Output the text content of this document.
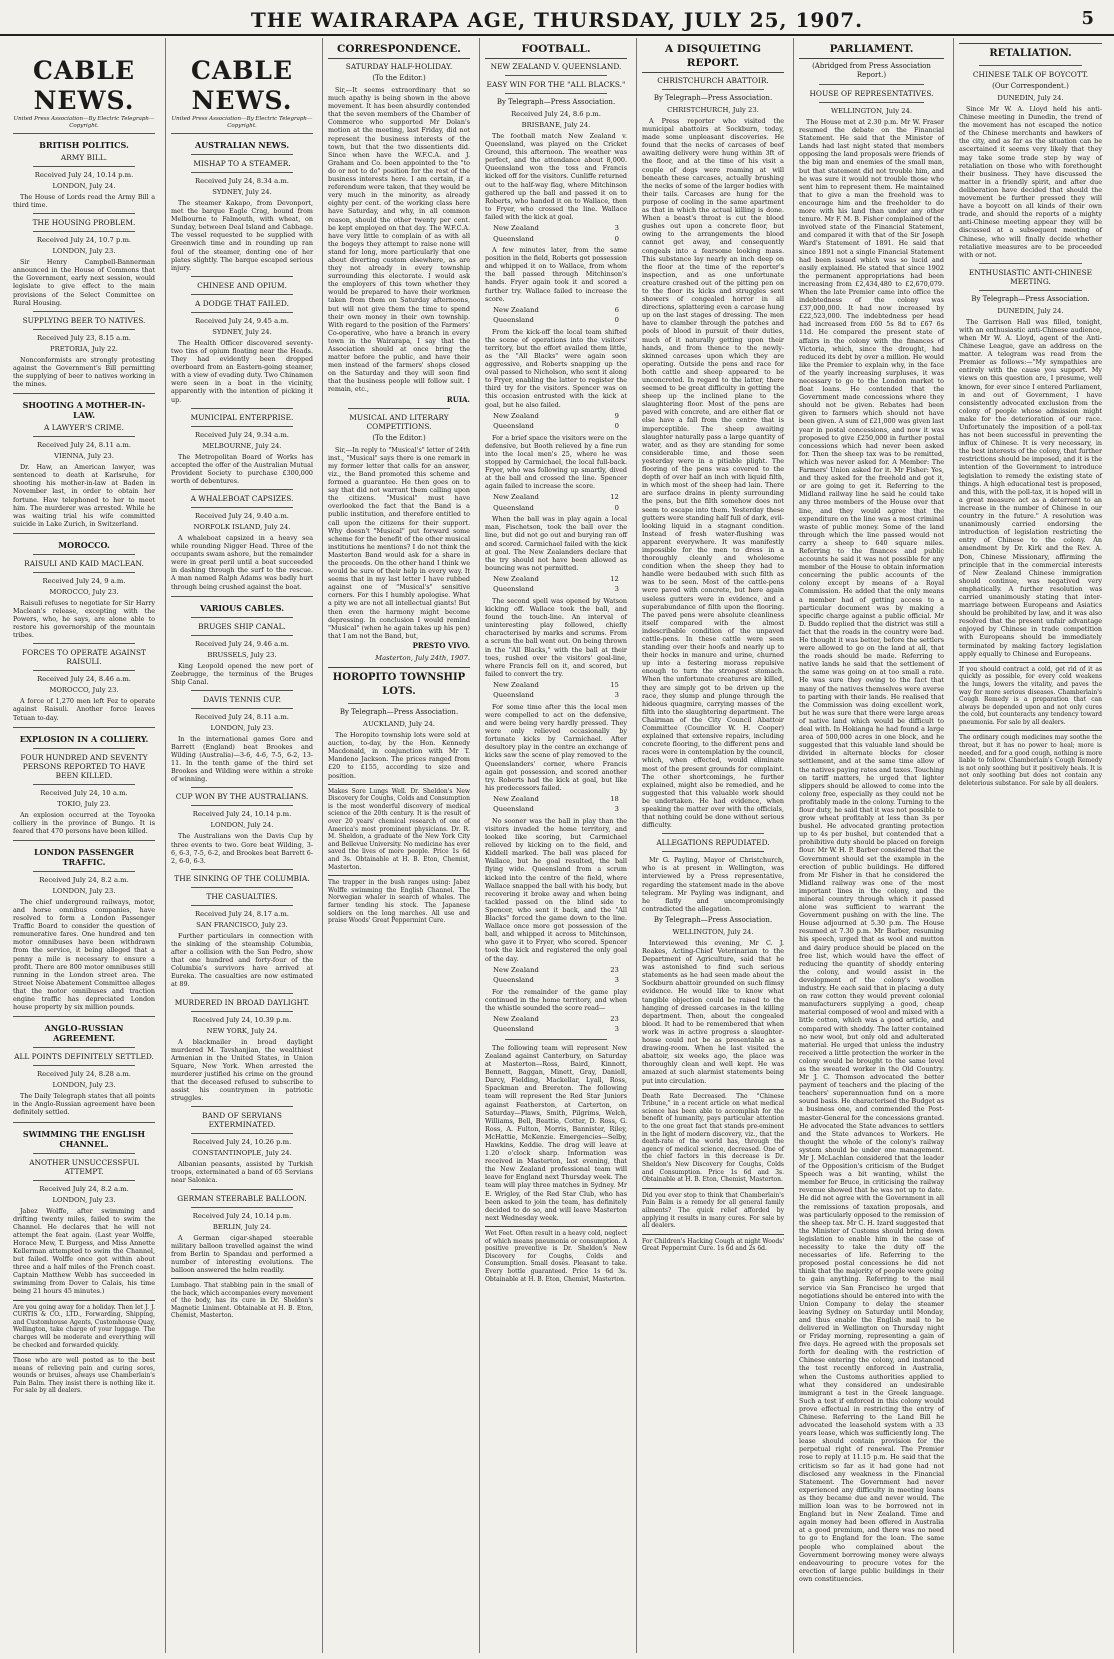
THE WAIRARAPA AGE, THURSDAY, JULY 25, 1907.	5
CABLE NEWS.
United Press Association—By Electric Telegraph—Copyright.
BRITISH POLITICS.
ARMY BILL.
Received July 24, 10.14 p.m.
LONDON, July 24.

The House of Lords read the Army Bill a third time.

THE HOUSING PROBLEM.
Received July 24, 10.7 p.m.
LONDON, July 23.

Sir Henry Campbell-Bannerman announced in the House of Commons that the Government, early next session, would legislate to give effect to the main provisions of the Select Committee on Rural Housing.

SUPPLYING BEER TO NATIVES.
Received July 23, 8.15 a.m.
PRETORIA, July 22.

Nonconformists are strongly protesting against the Government's Bill permitting the supplying of beer to natives working in the mines.

SHOOTING A MOTHER-IN-LAW.
A LAWYER'S CRIME.
Received July 24, 8.11 a.m.
VIENNA, July 23.

Dr. Haw, an American lawyer, was sentenced to death at Karlsruhe, for shooting his mother-in-law at Baden in November last, in order to obtain her fortune. Haw telephoned to her to meet him. The murderer was arrested. While he was waiting trial his wife committed suicide in Lake Zurich, in Switzerland.

MOROCCO.
RAISULI AND KAID MACLEAN.
Received July 24, 9 a.m.
MOROCCO, July 23.

Raisuli refuses to negotiate for Sir Harry Maclean's release, excepting with the Powers, who, he says, are alone able to restore his governorship of the mountain tribes.

FORCES TO OPERATE AGAINST RAISULI.
Received July 24, 8.46 a.m.
MOROCCO, July 23.

A force of 1,270 men left Fez to operate against Raisuli. Another force leaves Tetuan to-day.

EXPLOSION IN A COLLIERY.
FOUR HUNDRED AND SEVENTY PERSONS REPORTED TO HAVE BEEN KILLED.
Received July 24, 10 a.m.
TOKIO, July 23.

An explosion occurred at the Toyooka colliery in the province of Bungo. It is feared that 470 persons have been killed.

LONDON PASSENGER TRAFFIC.
Received July 24, 8.2 a.m.
LONDON, July 23.

The chief underground railways, motor, and horse omnibus companies, have resolved to form a London Passenger Traffic Board to consider the question of remunerative fares. One hundred and ten motor omnibuses have been withdrawn from the service, it being alleged that a penny a mile is necessary to ensure a profit. There are 800 motor omnibuses still running in the London street area. The Street Noise Abatement Committee alleges that the motor omnibuses and traction engine traffic has depreciated London house property by six million pounds.

ANGLO-RUSSIAN AGREEMENT.
ALL POINTS DEFINITELY SETTLED.
Received July 24, 8.28 a.m.
LONDON, July 23.

The Daily Telegraph states that all points in the Anglo-Russian agreement have been definitely settled.

SWIMMING THE ENGLISH CHANNEL.
ANOTHER UNSUCCESSFUL ATTEMPT.
Received July 24, 8.2 a.m.
LONDON, July 23.

Jabez Wolffe, after swimming and drifting twenty miles, failed to swim the Channel. He declares that he will not attempt the feat again. (Last year Wolffe, Horace Mew, T. Burgess, and Miss Annette Kellerman attempted to swim the Channel, but failed. Wolffe once got within about three and a half miles of the French coast. Captain Matthew Webb has succeeded in swimming from Dover to Calais, his time being 21 hours 45 minutes.)

Are you going away for a holiday. Then let J. J. CURTIS & CO., LTD., Forwarding, Shipping, and Customhouse Agents, Customhouse Quay, Wellington, take charge of your luggage. The charges will be moderate and everything will be checked and forwarded quickly.
Those who are well posted as to the best means of relieving pain and curing sores, wounds or bruises, always use Chamberlain's Pain Balm. They insist there is nothing like it. For sale by all dealers.
CABLE NEWS.
United Press Association—By Electric Telegraph—Copyright.
AUSTRALIAN NEWS.
MISHAP TO A STEAMER.
Received July 24, 8.34 a.m.
SYDNEY, July 24.

The steamer Kakapo, from Devonport, met the barque Eagle Crag, bound from Melbourne to Falmouth, with wheat, on Sunday, between Deal Island and Cabbage. The vessel requested to be supplied with Greenwich time and in rounding up ran foul of the steamer, denting one of her plates slightly. The barque escaped serious injury.

CHINESE AND OPIUM.
A DODGE THAT FAILED.
Received July 24, 9.45 a.m.
SYDNEY, July 24.

The Health Officer discovered seventy-two tins of opium floating near the Heads. They had evidently been dropped overboard from an Eastern-going steamer, with a view of evading duty. Two Chinamen were seen in a boat in the vicinity, apparently with the intention of picking it up.

MUNICIPAL ENTERPRISE.
Received July 24, 9.34 a.m.
MELBOURNE, July 24.

The Metropolitan Board of Works has accepted the offer of the Australian Mutual Provident Society to purchase £300,000 worth of debentures.

A WHALEBOAT CAPSIZES.
Received July 24, 9.40 a.m.
NORFOLK ISLAND, July 24.

A whaleboat capsized in a heavy sea while rounding Nigger Head. Three of the occupants swam ashore, but the remainder were in great peril until a boat succeeded in dashing through the surf to the rescue. A man named Ralph Adams was badly hurt through being crushed against the boat.

VARIOUS CABLES.
BRUGES SHIP CANAL.
Received July 24, 9.46 a.m.
BRUSSELS, July 23.

King Leopold opened the new port of Zeebrugge, the terminus of the Bruges Ship Canal.

DAVIS TENNIS CUP.
Received July 24, 8.11 a.m.
LONDON, July 23.

In the international games Gore and Barrett (England) beat Brookes and Wilding (Australia)—3-6, 4-6, 7-5, 6-2, 13-11. In the tenth game of the third set Brookes and Wilding were within a stroke of winning.

CUP WON BY THE AUSTRALIANS.
Received July 24, 10.14 p.m.
LONDON, July 24.

The Australians won the Davis Cup by three events to two. Gore beat Wilding, 3-6, 6-3, 7-5, 6-2, and Brookes beat Barrett 6-2, 6-0, 6-3.

THE SINKING OF THE COLUMBIA.
THE CASUALTIES.
Received July 24, 8.17 a.m.
SAN FRANCISCO, July 23.

Further particulars in connection with the sinking of the steamship Columbia, after a collision with the San Pedro, show that one hundred and forty-four of the Columbia's survivors have arrived at Eureka. The casualties are now estimated at 89.

MURDERED IN BROAD DAYLIGHT.
Received July 24, 10.39 p.m.
NEW YORK, July 24.

A blackmailer in broad daylight murdered M. Tavshanjian, the wealthiest Armenian in the United States, in Union Square, New York. When arrested the murderer justified his crime on the ground that the deceased refused to subscribe to assist his countrymen in patriotic struggles.

BAND OF SERVIANS EXTERMINATED.
Received July 24, 10.26 p.m.
CONSTANTINOPLE, July 24.

Albanian peasants, assisted by Turkish troops, exterminated a band of 65 Servians near Salonica.

GERMAN STEERABLE BALLOON.
Received July 24, 10.14 p.m.
BERLIN, July 24.

A German cigar-shaped steerable military balloon travelled against the wind from Berlin to Spandau and performed a number of interesting evolutions. The balloon answered the helm readily.

Lumbago. That stabbing pain in the small of the back, which accompanies every movement of the body, has its cure in Dr. Sheldon's Magnetic Liniment. Obtainable at H. B. Eton, Chemist, Masterton.
CORRESPONDENCE.
SATURDAY HALF-HOLIDAY.
(To the Editor.)

Sir,—It seems extraordinary that so much apathy is being shown in the above movement. It has been absurdly contended that the seven members of the Chamber of Commerce who supported Mr Dolan's motion at the meeting, last Friday, did not represent the business interests of the town, but that the two dissentients did. Since when have the W.F.C.A. and J. Graham and Co. been appointed to the "to do or not to do" position for the rest of the business interests here. I am certain, if a referendum were taken, that they would be very much in the minority, as already eighty per cent. of the working class here have Saturday, and why, in all common reason, should the other twenty per cent. be kept employed on that day. The W.F.C.A. have very little to complain of as with all the bogeys they attempt to raise none will stand for long, more particularly that one about diverting custom elsewhere, as are they not already in every township surrounding this electorate. I would ask the employers of this town whether they would be prepared to have their workmen taken from them on Saturday afternoons, but will not give them the time to spend their own money in their own township. With regard to the position of the Farmers' Co-operative, who have a branch in every town in the Wairarapa, I say that the Association should at once bring the matter before the public, and have their men instead of the farmers' shops closed on the Saturday and they will soon find that the business people will follow suit. I remain, etc.,

RUIA.
MUSICAL AND LITERARY COMPETITIONS.
(To the Editor.)

Sir,—In reply to "Musical's" letter of 24th inst., "Musical" says there is one remark in my former letter that calls for an answer, viz., the Band promoted this scheme and formed a guarantee. He then goes on to say that did not warrant them calling upon the citizens. "Musical" must have overlooked the fact that the Band is a public institution, and therefore entitled to call upon the citizens for their support. Why doesn't "Musical" put forward some scheme for the benefit of the other musical institutions he mentions? I do not think the Masterton Band would ask for a share in the proceeds. On the other hand I think we would be sure of their help in every way. It seems that in my last letter I have rubbed against one of "Musical's" sensitive corners. For this I humbly apologise. What a pity we are not all intellectual giants! But then even the harmony might become depressing. In conclusion I would remind "Musical" (when he again takes up his pen) that I am not the Band, but,

PRESTO VIVO.
Masterton, July 24th, 1907.
HOROPITO TOWNSHIP LOTS.
By Telegraph—Press Association.
AUCKLAND, July 24.

The Horopito township lots were sold at auction, to-day, by the Hon. Kennedy Macdonald, in conjunction with Mr T. Mandeno Jackson. The prices ranged from £20 to £155, according to size and position.

Makes Sore Lungs Well. Dr. Sheldon's New Discovery for Coughs, Colds and Consumption is the most wonderful discovery of medical science of the 20th century. It is the result of over 20 years' chemical research of one of America's most prominent physicians. Dr. R. M. Sheldon, a graduate of the New York City and Bellevue University. No medicine has ever saved the lives of more people. Price 1s 6d and 3s. Obtainable at H. B. Eton, Chemist, Masterton.
The trapper in the bush ranges using: Jabez Wolffe swimming the English Channel. The Norwegian whaler in search of whales. The farmer tending his stock. The Japanese soldiers on the long marches. All use and praise Woods' Great Peppermint Cure.
FOOTBALL.
NEW ZEALAND V. QUEENSLAND.
EASY WIN FOR THE "ALL BLACKS."
By Telegraph—Press Association.
Received July 24, 8.6 p.m.
BRISBANE, July 24.

The football match New Zealand v. Queensland, was played on the Cricket Ground, this afternoon. The weather was perfect, and the attendance about 8,000. Queensland won the toss and Francis kicked off for the visitors. Cunliffe returned out to the half-way flag, where Mitchinson gathered up the ball and passed it on to Roberts, who handed it on to Wallace, then to Fryer, who crossed the line. Wallace failed with the kick at goal.

New Zealand	3
Queensland	0

A few minutes later, from the same position in the field, Roberts got possession and whipped it on to Wallace, from whom the ball passed through Mitchinson's hands. Fryer again took it and scored a further try. Wallace failed to increase the score.

New Zealand	6
Queensland	0

From the kick-off the local team shifted the scene of operations into the visitors' territory, but the effort availed them little, as the "All Blacks" were again soon aggressive, and Roberts snapping up the oval passed to Nicholson, who sent it along to Fryer, enabling the latter to register the third try for the visitors. Spencer was on this occasion entrusted with the kick at goal, but he also failed.

New Zealand	9
Queensland	0

For a brief space the visitors were on the defensive, but Booth relieved by a fine run into the local men's 25, where he was stopped by Carmichael, the local full-back. Fryer, who was following up smartly, dived at the ball and crossed the line. Spencer again failed to increase the score.

New Zealand	12
Queensland	0

When the ball was in play again a local man, Fischetson, took the ball over the line, but did not go out and burying ran off and scored. Carmichael failed with the kick at goal. The New Zealanders declare that the try should not have been allowed as bouncing was not permitted.

New Zealand	12
Queensland	3

The second spell was opened by Watson kicking off. Wallace took the ball, and found the touch-line. An interval of uninteresting play followed, chiefly characterised by marks and scrums. From a scrum the ball went out. On being thrown in the "All Blacks," with the ball at their toes, rushed over the visitors' goal-line, where Francis fell on it, and scored, but failed to convert the try.

New Zealand	15
Queensland	3

For some time after this the local men were compelled to act on the defensive, and were being very hardly pressed. They were only relieved occasionally by fortunate kicks by Carmichael. After desultory play in the centre an exchange of kicks saw the scene of play removed to the Queenslanders' corner, where Francis again got possession, and scored another try. Roberts had the kick at goal, but like his predecessors failed.

New Zealand	18
Queensland	3

No sooner was the ball in play than the visitors invaded the home territory, and looked like scoring, but Carmichael relieved by kicking on to the field, and Kiddell marked. The ball was placed for Wallace, but he goal resulted, the ball flying wide. Queensland from a scrum kicked into the centre of the field, where Wallace snapped the ball with his body, but recovering it broke away and when being tackled passed on the blind side to Spencer, who sent it back, and the "All Blacks" forced the game down to the line. Wallace once more got possession of the ball, and whipped it across to Mitchinson, who gave it to Fryer, who scored. Spencer took the kick and registered the only goal of the day.

New Zealand	23
Queensland	3

For the remainder of the game play continued in the home territory, and when the whistle sounded the score read—

New Zealand	23
Queensland	3

The following team will represent New Zealand against Canterbury, on Saturday at Masterton—Ross, Baird, Kinnott, Bennett, Baggan, Minett, Gray, Daniell, Darcy, Fielding, Mackellar, Lyall, Ross, Spackman and Brereton. The following team will represent the Red Star Juniors against Featherston, at Carterton, on Saturday—Plaws, Smith, Pilgrims, Welch, Williams, Bell, Beattie, Cotter, D. Ross, G. Ross, A. Fulton, Morris, Bannister, Riley, McHattie, McKenzie. Emergencies—Selby, Hawkins, Keddie. The drag will leave at 1.20 o'clock sharp. Information was received in Masterton, last evening, that the New Zealand professional team will leave for England next Thursday week. The team will play three matches in Sydney. Mr E. Wrigley, of the Red Star Club, who has been asked to join the team, has definitely decided to do so, and will leave Masterton next Wednesday week.

Wet Feet. Often result in a heavy cold, neglect of which means pneumonia or consumption. A positive preventive is Dr. Sheldon's New Discovery for Coughs, Colds and Consumption. Small doses. Pleasant to take. Every bottle guaranteed. Price 1s 6d 3s. Obtainable at H. B. Eton, Chemist, Masterton.
A DISQUIETING REPORT.
CHRISTCHURCH ABATTOIR.
By Telegraph—Press Association.
CHRISTCHURCH, July 23.

A Press reporter who visited the municipal abattoirs at Sockburn, today, made some unpleasant discoveries. He found that the necks of carcases of beef awaiting delivery were hung within 3ft of the floor, and at the time of his visit a couple of dogs were roaming at will beneath these carcases, actually brushing the necks of some of the larger bodies with their tails. Carcases are hung for the purpose of cooling in the same apartment as that in which the actual killing is done. When a beast's throat is cut the blood gushes out upon a concrete floor, but owing to the arrangements the blood cannot get away, and consequently congeals into a fearsome looking mass. This substance lay nearly an inch deep on the floor at the time of the reporter's inspection, and as one unfortunate creature crashed out of the pitting pen on to the floor its kicks and struggles sent showers of congealed horror in all directions, splattering even a carcase hung up on the last stages of dressing. The men have to clamber through the patches and pools of blood in pursuit of their duties, much of it naturally getting upon their hands, and from thence to the newly-skinned carcases upon which they are operating. Outside the pens and race for both cattle and sheep appeared to be unconcreted. In regard to the latter, there seemed to be great difficulty in getting the sheep up the inclined plane to the slaughtering floor. Most of the pens are paved with concrete, and are either flat or else have a fall from the centre that is imperceptible. The sheep awaiting slaughter naturally pass a large quantity of water, and as they are standing for some considerable time, and those seen yesterday were in a pitiable plight. The flooring of the pens was covered to the depth of over half an inch with liquid filth, in which most of the sheep had lain. There are surface drains in plenty surrounding the pens, but the filth somehow does not seem to escape into them. Yesterday these gutters were standing half full of dark, evil-looking liquid in a stagnant condition. Instead of fresh water-flushing was apparent everywhere. It was manifestly impossible for the men to dress in a thoroughly cleanly and wholesome condition when the sheep they had to handle were bedaubed with such filth as was to be seen. Most of the cattle-pens were paved with concrete, but here again useless gutters were in evidence, and a superabundance of filth upon the flooring. The paved pens were absolute cleanliness itself compared with the almost indescribable condition of the unpaved cattle-pens. In these cattle were seen standing over their hoofs and nearly up to their hocks in manure and urine, churned up into a festering morass repulsive enough to turn the strongest stomach. When the unfortunate creatures are killed, they are simply got to be driven up the race, they slump and plunge through the hideous quagmire, carrying masses of the filth into the slaughtering department. The Chairman of the City Council Abattoir Committee (Councillor W. H. Cooper) explained that extensive repairs, including concrete flooring, to the different pens and races were in contemplation by the council, which, when effected, would eliminate most of the present grounds for complaint. The other shortcomings, he further explained, might also be remedied, and he suggested that this valuable work should be undertaken. He had evidence, when speaking the matter over with the officials, that nothing could be done without serious difficulty.

ALLEGATIONS REPUDIATED.

Mr G. Payling, Mayor of Christchurch, who is at present in Wellington, was interviewed by a Press representative, regarding the statement made in the above telegram. Mr Payling was indignant, and he flatly and uncompromisingly contradicted the allegation.

By Telegraph—Press Association.
WELLINGTON, July 24.

Interviewed this evening, Mr C. J. Reakes, Acting-Chief Veterinarian to the Department of Agriculture, said that he was astonished to find such serious statements as he had seen made about the Sockburn abattoir grounded on such flimsy evidence. He would like to know what tangible objection could be raised to the hanging of dressed carcases in the killing department. Then, about the congealed blood. It had to be remembered that when work was in active progress a slaughter-house could not be as presentable as a drawing-room. When he last visited the abattoir, six weeks ago, the place was thoroughly clean and well kept. He was amazed at such alarmist statements being put into circulation.

Death Rate Decreased. The "Chinese Tribune," in a recent article on what medical science has been able to accomplish for the benefit of humanity, pays particular attention to the one great fact that stands pre-eminent in the light of modern discovery, viz., that the death-rate of the world has, through the agency of medical science, decreased. One of the chief factors in this decrease is Dr. Sheldon's New Discovery for Coughs, Colds and Consumption. Price 1s 6d and 3s. Obtainable at H. B. Eton, Chemist, Masterton.
Did you ever stop to think that Chamberlain's Pain Balm is a remedy for all general family ailments? The quick relief afforded by applying it results in many cures. For sale by all dealers.
For Children's Hacking Cough at night Woods' Great Peppermint Cure. 1s 6d and 2s 6d.
PARLIAMENT.
(Abridged from Press Association Report.)
HOUSE OF REPRESENTATIVES.
WELLINGTON, July 24.

The House met at 2.30 p.m. Mr W. Fraser resumed the debate on the Financial Statement. He said that the Minister of Lands had last night stated that members opposing the land proposals were friends of the big man and enemies of the small man, but that statement did not trouble him, and he was sure it would not trouble those who sent him to represent them. He maintained that to give a man the freehold was to encourage him and the freeholder to do more with his land than under any other tenure. Mr F. M. B. Fisher complained of the involved state of the Financial Statement, and compared it with that of the Sir Joseph Ward's Statement of 1891. He said that since 1891 not a single Financial Statement had been issued which was so lucid and easily explained. He stated that since 1902 the permanent appropriations had been increasing from £2,434,480 to £2,670,079. When the late Premier came into office the indebtedness of the colony was £37,000,000. It had now increased by £22,523,000. The indebtedness per head had increased from £60 5s 8d to £67 6s 11d. He compared the present state of affairs in the colony with the finances of Victoria, which, since the drought, had reduced its debt by over a million. He would like the Premier to explain why, in the face of the yearly increasing surpluses, it was necessary to go to the London market to float loans. He contended that the Government made concessions where they should not be given. Rebates had been given to farmers which should not have been given. A sum of £21,000 was given last year in postal concessions, and now it was proposed to give £250,000 in further postal concessions which had never been asked for. Then the sheep tax was to be remitted, which was never asked for. A Member: The Farmers' Union asked for it. Mr Fisher: Yes, and they asked for the freehold and got it, or are going to get it. Referring to the Midland railway line he said he could take any three members of the House over that line, and they would agree that the expenditure on the line was a most criminal waste of public money. Some of the land through which the line passed would not carry a sheep to 640 square miles. Referring to the finances and public accounts he said it was not possible for any member of the House to obtain information concerning the public accounts of the colony except by means of a Royal Commission. He added that the only means a member had of getting access to a particular document was by making a specific charge against a public official. Mr D. Buddo replied that the district was still a fact that the roads in the country were bad. He thought it was better, before the settlers were allowed to go on the land at all, that the roads should be made. Referring to native lands he said that the settlement of the same was going on at too small a rate. He was sure they owing to the fact that many of the natives themselves were averse to parting with their lands. He realised that the Commission was doing excellent work, but he was sure that there were large areas of native land which would be difficult to deal with. In Hokianga he had found a large area of 500,000 acres in one block, and he suggested that this valuable land should be divided in alternate blocks for closer settlement, and at the same time allow of the natives paying rates and taxes. Touching on tariff matters, he urged that lighter slippers should be allowed to come into the colony free, especially as they could not be profitably made in the colony. Turning to the flour duty, he said that it was not possible to grow wheat profitably at less than 3s per bushel. He advocated granting protection up to 4s per bushel, but contended that a prohibitive duty should be placed on foreign flour. Mr W. H. P. Barber considered that the Government should set the example in the erection of public buildings. He differed from Mr Fisher in that he considered the Midland railway was one of the most important lines in the colony, and the mineral country through which it passed alone was sufficient to warrant the Government pushing on with the line. The House adjourned at 5.30 p.m. The House resumed at 7.30 p.m. Mr Barber, resuming his speech, urged that as wool and mutton and dairy produce should be placed on the free list, which would have the effect of reducing the quantity of shoddy entering the colony, and would assist in the development of the colony's woollen industry. He each said that in placing a duty on raw cotton they would prevent colonial manufacturers supplying a good, cheap material composed of wool and mixed with a little cotton, which was a good article, and compared with shoddy. The latter contained no new wool, but only old and adulterated material. He urged that unless the industry received a little protection the worker in the colony would be brought to the same level as the sweated worker in the Old Country. Mr J. C. Thomson advocated the better payment of teachers and the placing of the teachers' superannuation fund on a more sound basis. He characterised the Budget as a business one, and commended the Post-master-General for the concessions granted. He advocated the State advances to settlers and the State advances to Workers. He thought the whole of the colony's railway system should be under one management. Mr J. McLachlan considered that the leader of the Opposition's criticism of the Budget Speech was a bit wanting, whilst the member for Bruce, in criticising the railway revenue showed that he was not up to date. He did not agree with the Government in all the remissions of taxation proposals, and was particularly opposed to the remission of the sheep tax. Mr C. H. Izard suggested that the Minister of Customs should bring down legislation to enable him in the case of necessity to take the duty off the necessaries of life. Referring to the proposed postal concessions he did not think that the majority of people were going to gain anything. Referring to the mail service via San Francisco he urged that negotiations should be entered into with the Union Company to delay the steamer leaving Sydney on Saturday until Monday, and thus enable the English mail to be delivered in Wellington on Thursday night or Friday morning, representing a gain of five days. He agreed with the proposals set forth for dealing with the restriction of Chinese entering the colony, and instanced the test recently enforced in Australia, when the Customs authorities applied to what they considered an undesirable immigrant a test in the Greek language. Such a test if enforced in this colony would prove effectual in restricting the entry of Chinese. Referring to the Land Bill he advocated the leasehold system with a 33 years lease, which was sufficiently long. The lease should contain provision for the perpetual right of renewal. The Premier rose to reply at 11.15 p.m. He said that the criticism so far as it had gone had not disclosed any weakness in the Financial Statement. The Government had never experienced any difficulty in meeting loans as they became due and never would. The million loan was to be borrowed not in England but in New Zealand. Time and again money had been offered in Australia at a good premium, and there was no need to go to England for the loan. The same people who complained about the Government borrowing money were always endeavouring to procure votes for the erection of large public buildings in their own constituencies.

RETALIATION.
CHINESE TALK OF BOYCOTT.
(Our Correspondent.)
DUNEDIN, July 24.

Since Mr W. A. Lloyd held his anti-Chinese meeting in Dunedin, the trend of the movement has not escaped the notice of the Chinese merchants and hawkers of the city, and as far as the situation can be ascertained it seems very likely that they may take some trade step by way of retaliation on those who with forethought their business. They have discussed the matter in a friendly spirit, and after due deliberation have decided that should the movement be further pressed they will have a boycott on all kinds of their own trade, and should the reports of a mighty anti-Chinese meeting appear they will be discussed at a subsequent meeting of Chinese, who will finally decide whether retaliative measures are to be proceeded with or not.

ENTHUSIASTIC ANTI-CHINESE MEETING.
By Telegraph—Press Association.
DUNEDIN, July 24.

The Garrison Hall was filled, tonight, with an enthusiastic anti-Chinese audience, when Mr W. A. Lloyd, agent of the Anti-Chinese League, gave an address on the matter. A telegram was read from the Premier as follows:—"My sympathies are entirely with the cause you support. My views on this question are, I presume, well known, for ever since I entered Parliament, in and out of Government, I have consistently advocated exclusion from the colony of people whose admission might make for the deterioration of our race. Unfortunately the imposition of a poll-tax has not been successful in preventing the influx of Chinese. It is very necessary, in the best interests of the colony, that further restrictions should be imposed, and it is the intention of the Government to introduce legislation to remedy the existing state of things. A high educational test is proposed, and this, with the poll-tax, it is hoped will in a great measure act as a deterrent to an increase in the number of Chinese in our country in the future." A resolution was unanimously carried endorsing the introduction of legislation restricting the entry of Chinese to the colony. An amendment by Dr. Kirk and the Rev. A. Don, Chinese Missionary, affirming the principle that in the commercial interests of New Zealand Chinese immigration should continue, was negatived very emphatically. A further resolution was carried unanimously stating that inter-marriage between Europeans and Asiatics should be prohibited by law, and it was also resolved that the present unfair advantage enjoyed by Chinese in trade competition with Europeans should be immediately terminated by making factory legislation apply equally to Chinese and Europeans.

If you should contract a cold, get rid of it as quickly as possible, for every cold weakens the lungs, lowers the vitality, and paves the way for more serious diseases. Chamberlain's Cough Remedy is a preparation that can always be depended upon and not only cures the cold, but counteracts any tendency toward pneumonia. For sale by all dealers.
The ordinary cough medicines may soothe the throat, but it has no power to heal; more is needed, and for a good cough, nothing is more liable to follow. Chamberlain's Cough Remedy is not only soothing but it positively heals. It is not only soothing but does not contain any deleterious substance. For sale by all dealers.
